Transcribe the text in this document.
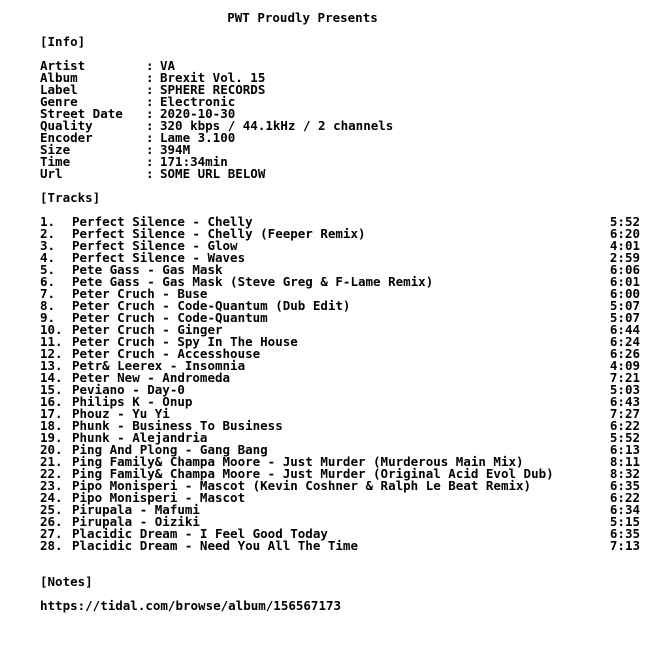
PWT Proudly Presents
[Info]
Artist	: VA
Album	: Brexit Vol. 15
Label	: SPHERE RECORDS
Genre	: Electronic
Street Date : 2020-10-30
Quality	: 320 kbps / 44.1kHz / 2 channels
Encoder	: Lame 3.100
Size	: 394M
Time	: 171:34min
Url	: SOME URL BELOW
[Tracks]
1. Perfect Silence - Chelly	5:52
2. Perfect Silence - Chelly (Feeper Remix)	6:20
3. Perfect Silence - Glow	4:01
4. Perfect Silence - Waves	2:59
5. Pete Gass - Gas Mask	6:06
6. Pete Gass - Gas Mask (Steve Greg & F-Lame Remix)	6:01
7. Peter Cruch - Buse	6:00
8. Peter Cruch - Code-Quantum (Dub Edit)	5:07
9. Peter Cruch - Code-Quantum	5:07
10. Peter Cruch - Ginger	6:44
11. Peter Cruch - Spy In The House	6:24
12. Peter Cruch - Accesshouse	6:26
13. Petr& Leerex - Insomnia	4:09
14. Peter New - Andromeda	7:21
15. Peviano - Day-0	5:03
16. Philips K - Onup	6:43
17. Phouz - Yu Yi	7:27
18. Phunk - Business To Business	6:22
19. Phunk - Alejandria	5:52
20. Ping And Plong - Gang Bang	6:13
21. Ping Family& Champa Moore - Just Murder (Murderous Main Mix)	8:11
22. Ping Family& Champa Moore - Just Murder (Original Acid Evol Dub)	8:32
23. Pipo Monisperi - Mascot (Kevin Coshner & Ralph Le Beat Remix)	6:35
24. Pipo Monisperi - Mascot	6:22
25. Pirupala - Mafumi	6:34
26. Pirupala - Oiziki	5:15
27. Placidic Dream - I Feel Good Today	6:35
28. Placidic Dream - Need You All The Time	7:13
[Notes]
https://tidal.com/browse/album/156567173
